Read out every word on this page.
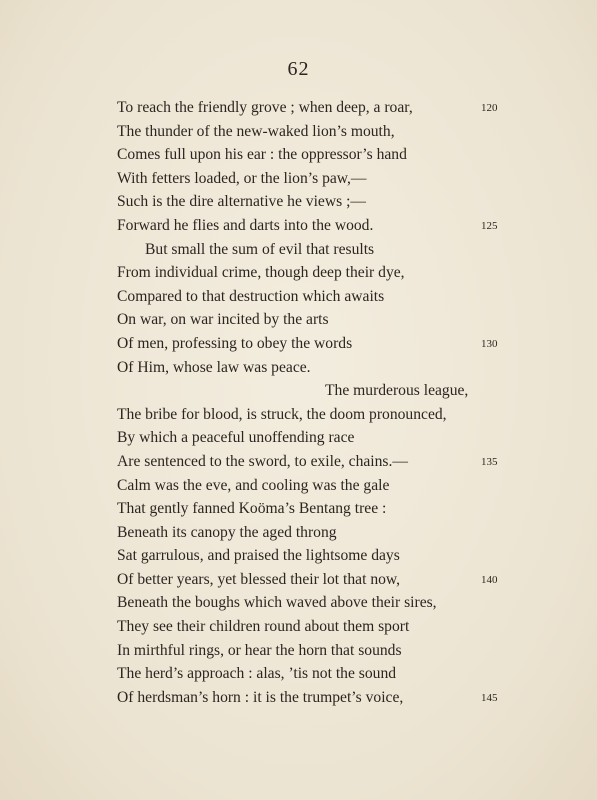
62
To reach the friendly grove ; when deep, a roar,	120
The thunder of the new-waked lion’s mouth,
Comes full upon his ear : the oppressor’s hand
With fetters loaded, or the lion’s paw,—
Such is the dire alternative he views ;—
Forward he flies and darts into the wood.	125
But small the sum of evil that results
From individual crime, though deep their dye,
Compared to that destruction which awaits
On war, on war incited by the arts
Of men, professing to obey the words	130
Of Him, whose law was peace.
The murderous league,
The bribe for blood, is struck, the doom pronounced,
By which a peaceful unoffending race
Are sentenced to the sword, to exile, chains.—	135
Calm was the eve, and cooling was the gale
That gently fanned Koöma’s Bentang tree :
Beneath its canopy the aged throng
Sat garrulous, and praised the lightsome days
Of better years, yet blessed their lot that now,	140
Beneath the boughs which waved above their sires,
They see their children round about them sport
In mirthful rings, or hear the horn that sounds
The herd’s approach : alas, ’tis not the sound
Of herdsman’s horn : it is the trumpet’s voice,	145
